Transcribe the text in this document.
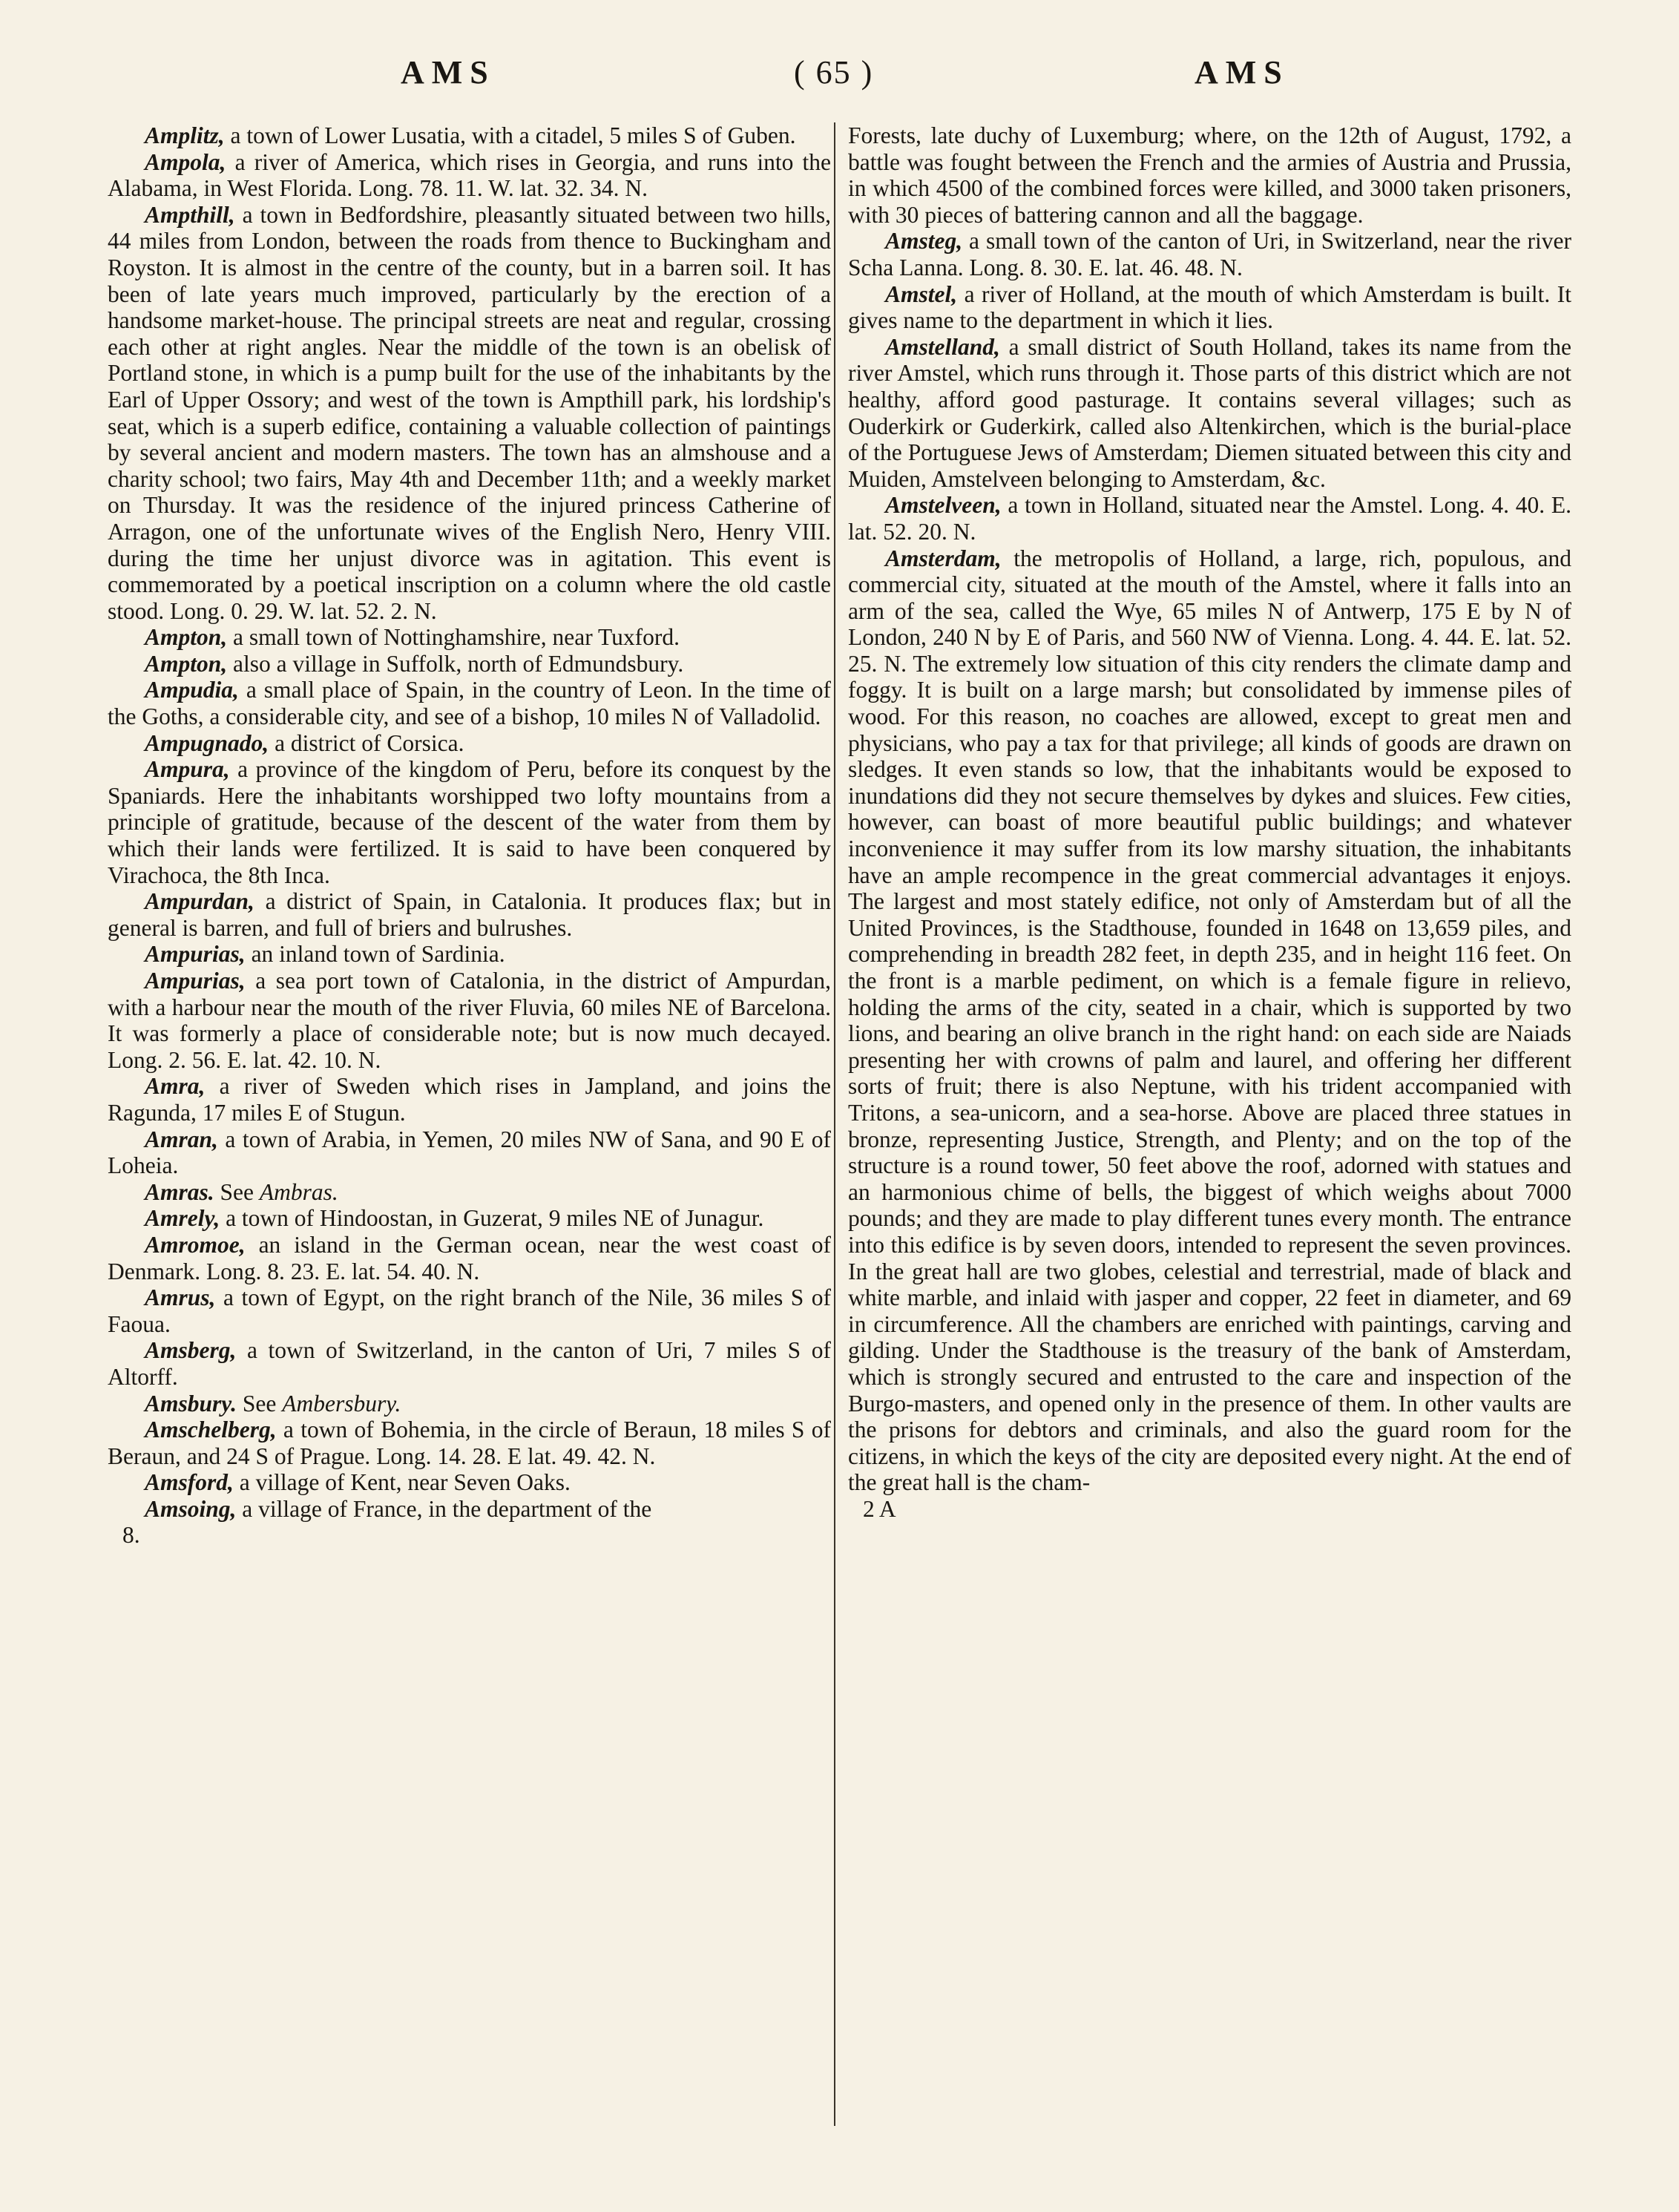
AMS	( 65 )	AMS

Amplitz, a town of Lower Lusatia, with a citadel, 5 miles S of Guben.

Ampola, a river of America, which rises in Georgia, and runs into the Alabama, in West Florida. Long. 78. 11. W. lat. 32. 34. N.

Ampthill, a town in Bedfordshire, pleasantly situated between two hills, 44 miles from London, between the roads from thence to Buckingham and Royston. It is almost in the centre of the county, but in a barren soil. It has been of late years much improved, particularly by the erection of a handsome market-house. The principal streets are neat and regular, crossing each other at right angles. Near the middle of the town is an obelisk of Portland stone, in which is a pump built for the use of the inhabitants by the Earl of Upper Ossory; and west of the town is Ampthill park, his lordship's seat, which is a superb edifice, containing a valuable collection of paintings by several ancient and modern masters. The town has an almshouse and a charity school; two fairs, May 4th and December 11th; and a weekly market on Thursday. It was the residence of the injured princess Catherine of Arragon, one of the unfortunate wives of the English Nero, Henry VIII. during the time her unjust divorce was in agitation. This event is commemorated by a poetical inscription on a column where the old castle stood. Long. 0. 29. W. lat. 52. 2. N.

Ampton, a small town of Nottinghamshire, near Tuxford.

Ampton, also a village in Suffolk, north of Edmundsbury.

Ampudia, a small place of Spain, in the country of Leon. In the time of the Goths, a considerable city, and see of a bishop, 10 miles N of Valladolid.

Ampugnado, a district of Corsica.

Ampura, a province of the kingdom of Peru, before its conquest by the Spaniards. Here the inhabitants worshipped two lofty mountains from a principle of gratitude, because of the descent of the water from them by which their lands were fertilized. It is said to have been conquered by Virachoca, the 8th Inca.

Ampurdan, a district of Spain, in Catalonia. It produces flax; but in general is barren, and full of briers and bulrushes.

Ampurias, an inland town of Sardinia.

Ampurias, a sea port town of Catalonia, in the district of Ampurdan, with a harbour near the mouth of the river Fluvia, 60 miles NE of Barcelona. It was formerly a place of considerable note; but is now much decayed. Long. 2. 56. E. lat. 42. 10. N.

Amra, a river of Sweden which rises in Jampland, and joins the Ragunda, 17 miles E of Stugun.

Amran, a town of Arabia, in Yemen, 20 miles NW of Sana, and 90 E of Loheia.

Amras. See Ambras.

Amrely, a town of Hindoostan, in Guzerat, 9 miles NE of Junagur.

Amromoe, an island in the German ocean, near the west coast of Denmark. Long. 8. 23. E. lat. 54. 40. N.

Amrus, a town of Egypt, on the right branch of the Nile, 36 miles S of Faoua.

Amsberg, a town of Switzerland, in the canton of Uri, 7 miles S of Altorff.

Amsbury. See Ambersbury.

Amschelberg, a town of Bohemia, in the circle of Beraun, 18 miles S of Beraun, and 24 S of Prague. Long. 14. 28. E lat. 49. 42. N.

Amsford, a village of Kent, near Seven Oaks.

Amsoing, a village of France, in the department of the

8.

Forests, late duchy of Luxemburg; where, on the 12th of August, 1792, a battle was fought between the French and the armies of Austria and Prussia, in which 4500 of the combined forces were killed, and 3000 taken prisoners, with 30 pieces of battering cannon and all the baggage.

Amsteg, a small town of the canton of Uri, in Switzerland, near the river Scha Lanna. Long. 8. 30. E. lat. 46. 48. N.

Amstel, a river of Holland, at the mouth of which Amsterdam is built. It gives name to the department in which it lies.

Amstelland, a small district of South Holland, takes its name from the river Amstel, which runs through it. Those parts of this district which are not healthy, afford good pasturage. It contains several villages; such as Ouderkirk or Guderkirk, called also Altenkirchen, which is the burial-place of the Portuguese Jews of Amsterdam; Diemen situated between this city and Muiden, Amstelveen belonging to Amsterdam, &c.

Amstelveen, a town in Holland, situated near the Amstel. Long. 4. 40. E. lat. 52. 20. N.

Amsterdam, the metropolis of Holland, a large, rich, populous, and commercial city, situated at the mouth of the Amstel, where it falls into an arm of the sea, called the Wye, 65 miles N of Antwerp, 175 E by N of London, 240 N by E of Paris, and 560 NW of Vienna. Long. 4. 44. E. lat. 52. 25. N. The extremely low situation of this city renders the climate damp and foggy. It is built on a large marsh; but consolidated by immense piles of wood. For this reason, no coaches are allowed, except to great men and physicians, who pay a tax for that privilege; all kinds of goods are drawn on sledges. It even stands so low, that the inhabitants would be exposed to inundations did they not secure themselves by dykes and sluices. Few cities, however, can boast of more beautiful public buildings; and whatever inconvenience it may suffer from its low marshy situation, the inhabitants have an ample recompence in the great commercial advantages it enjoys. The largest and most stately edifice, not only of Amsterdam but of all the United Provinces, is the Stadthouse, founded in 1648 on 13,659 piles, and comprehending in breadth 282 feet, in depth 235, and in height 116 feet. On the front is a marble pediment, on which is a female figure in relievo, holding the arms of the city, seated in a chair, which is supported by two lions, and bearing an olive branch in the right hand: on each side are Naiads presenting her with crowns of palm and laurel, and offering her different sorts of fruit; there is also Neptune, with his trident accompanied with Tritons, a sea-unicorn, and a sea-horse. Above are placed three statues in bronze, representing Justice, Strength, and Plenty; and on the top of the structure is a round tower, 50 feet above the roof, adorned with statues and an harmonious chime of bells, the biggest of which weighs about 7000 pounds; and they are made to play different tunes every month. The entrance into this edifice is by seven doors, intended to represent the seven provinces. In the great hall are two globes, celestial and terrestrial, made of black and white marble, and inlaid with jasper and copper, 22 feet in diameter, and 69 in circumference. All the chambers are enriched with paintings, carving and gilding. Under the Stadthouse is the treasury of the bank of Amsterdam, which is strongly secured and entrusted to the care and inspection of the Burgo-masters, and opened only in the presence of them. In other vaults are the prisons for debtors and criminals, and also the guard room for the citizens, in which the keys of the city are deposited every night. At the end of the great hall is the cham-

2 A
